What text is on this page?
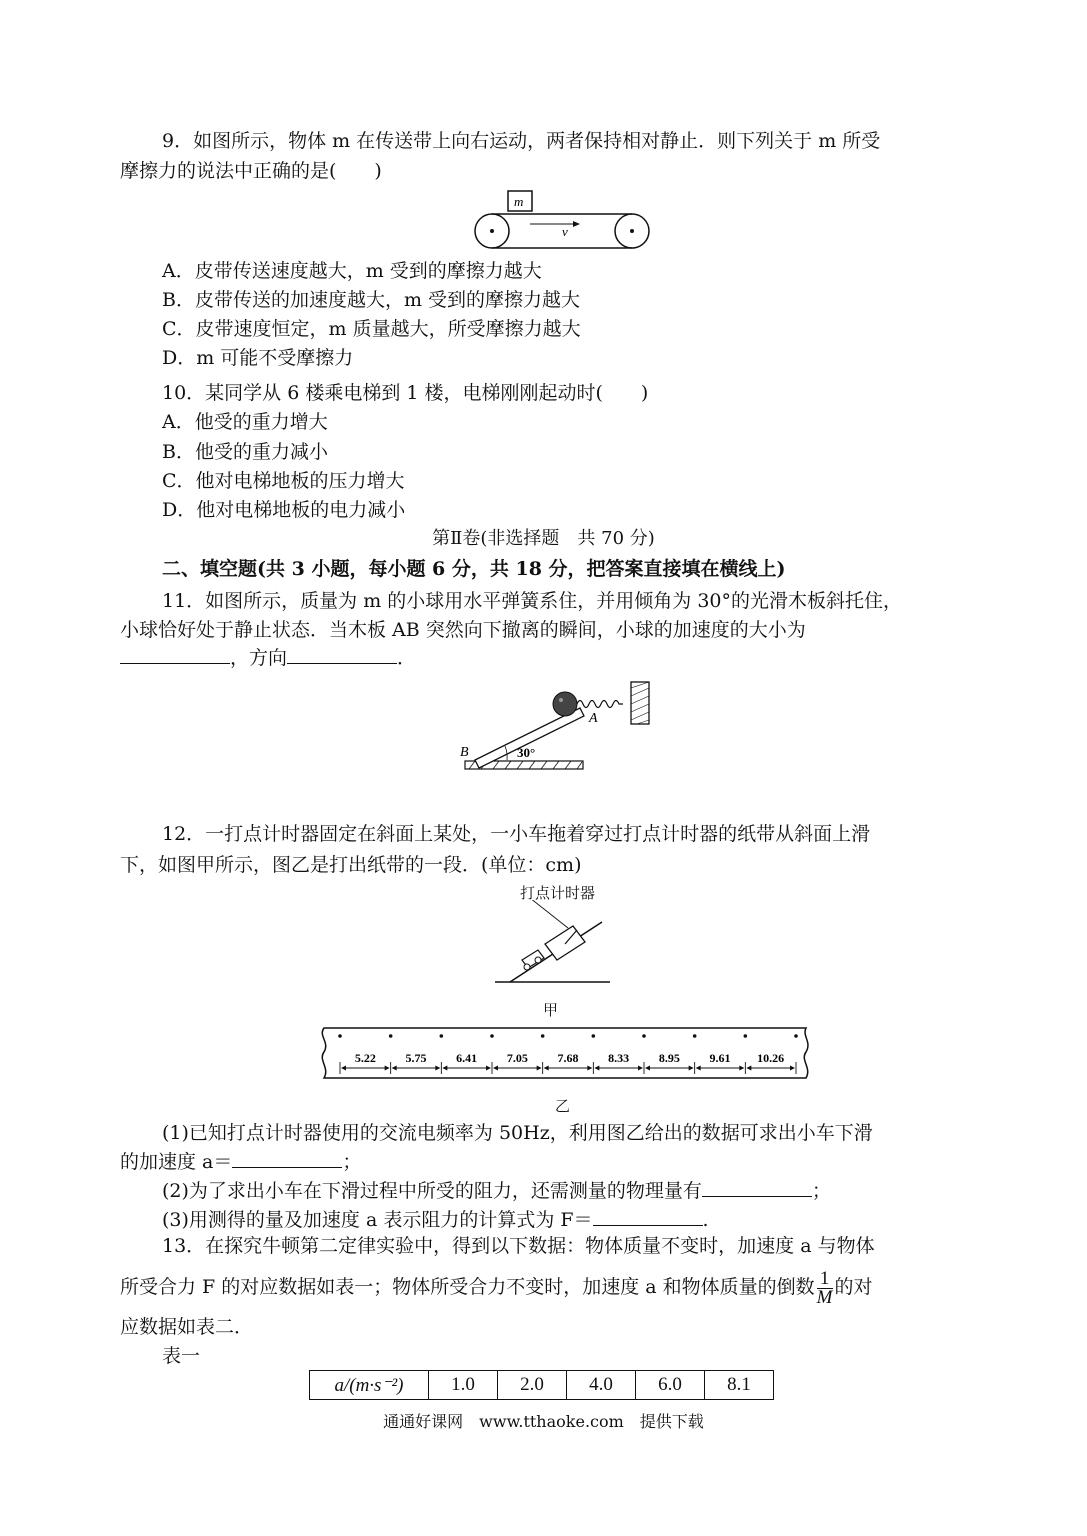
9．如图所示，物体 m 在传送带上向右运动，两者保持相对静止．则下列关于 m 所受
摩擦力的说法中正确的是(　　)
m
v
A．皮带传送速度越大，m 受到的摩擦力越大
B．皮带传送的加速度越大，m 受到的摩擦力越大
C．皮带速度恒定，m 质量越大，所受摩擦力越大
D．m 可能不受摩擦力
10．某同学从 6 楼乘电梯到 1 楼，电梯刚刚起动时(　　)
A．他受的重力增大
B．他受的重力减小
C．他对电梯地板的压力增大
D．他对电梯地板的电力减小
第Ⅱ卷(非选择题　共 70 分)
二、填空题(共 3 小题，每小题 6 分，共 18 分，把答案直接填在横线上)
11．如图所示，质量为 m 的小球用水平弹簧系住，并用倾角为 30°的光滑木板斜托住，
小球恰好处于静止状态．当木板 AB 突然向下撤离的瞬间，小球的加速度的大小为
，方向	．
A
B	30°
12．一打点计时器固定在斜面上某处，一小车拖着穿过打点计时器的纸带从斜面上滑
下，如图甲所示，图乙是打出纸带的一段．(单位：cm)
打点计时器
甲
5.22 5.75 6.41 7.05 7.68 8.33 8.95 9.61 10.26
乙
(1)已知打点计时器使用的交流电频率为 50Hz，利用图乙给出的数据可求出小车下滑
的加速度 a＝	；
(2)为了求出小车在下滑过程中所受的阻力，还需测量的物理量有	；
(3)用测得的量及加速度 a 表示阻力的计算式为 F＝	.
13．在探究牛顿第二定律实验中，得到以下数据：物体质量不变时，加速度 a 与物体
所受合力 F 的对应数据如表一；物体所受合力不变时，加速度 a 和物体质量的倒数 $\frac{1}{M}$ 的对
应数据如表二．
表一
a/(m·s⁻²)	1.0	2.0	4.0	6.0	8.1
通通好课网　www.tthaoke.com　提供下载
